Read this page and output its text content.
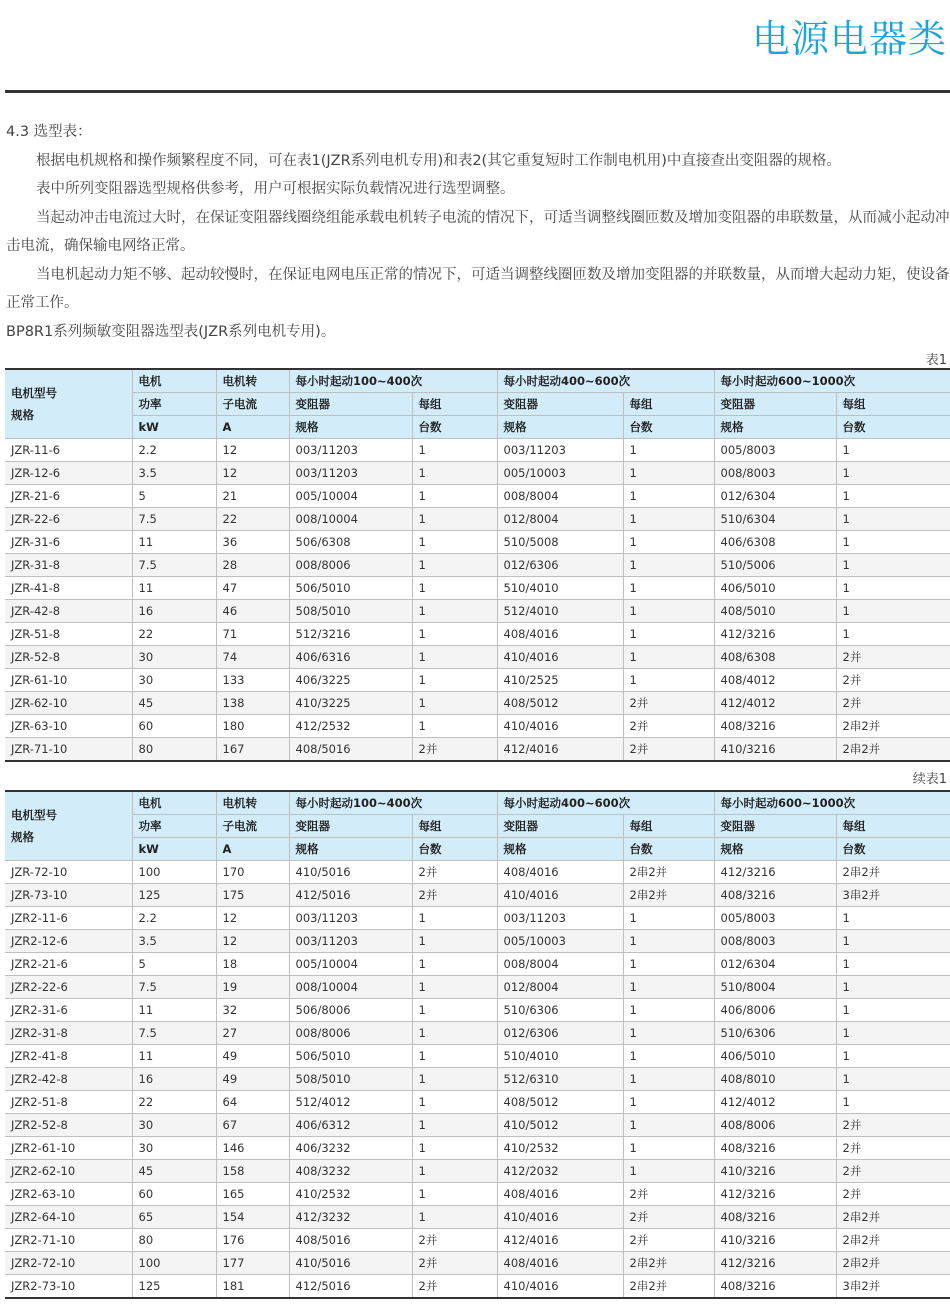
电源电器类

4.3 选型表：

根据电机规格和操作频繁程度不同，可在表1(JZR系列电机专用)和表2(其它重复短时工作制电机用)中直接查出变阻器的规格。

表中所列变阻器选型规格供参考，用户可根据实际负载情况进行选型调整。

当起动冲击电流过大时，在保证变阻器线圈绕组能承载电机转子电流的情况下，可适当调整线圈匝数及增加变阻器的串联数量，从而减小起动冲击电流，确保输电网络正常。

当电机起动力矩不够、起动较慢时，在保证电网电压正常的情况下，可适当调整线圈匝数及增加变阻器的并联数量，从而增大起动力矩，使设备正常工作。

BP8R1系列频敏变阻器选型表(JZR系列电机专用)。

表1
电机型号
规格	电机	电机转	每小时起动100~400次		每小时起动400~600次		每小时起动600~1000次	
	功率	子电流	变阻器	每组	变阻器	每组	变阻器	每组
	kW	A	规格	台数	规格	台数	规格	台数
JZR-11-6	2.2	12	003/11203	1	003/11203	1	005/8003	1
JZR-12-6	3.5	12	003/11203	1	005/10003	1	008/8003	1
JZR-21-6	5	21	005/10004	1	008/8004	1	012/6304	1
JZR-22-6	7.5	22	008/10004	1	012/8004	1	510/6304	1
JZR-31-6	11	36	506/6308	1	510/5008	1	406/6308	1
JZR-31-8	7.5	28	008/8006	1	012/6306	1	510/5006	1
JZR-41-8	11	47	506/5010	1	510/4010	1	406/5010	1
JZR-42-8	16	46	508/5010	1	512/4010	1	408/5010	1
JZR-51-8	22	71	512/3216	1	408/4016	1	412/3216	1
JZR-52-8	30	74	406/6316	1	410/4016	1	408/6308	2并
JZR-61-10	30	133	406/3225	1	410/2525	1	408/4012	2并
JZR-62-10	45	138	410/3225	1	408/5012	2并	412/4012	2并
JZR-63-10	60	180	412/2532	1	410/4016	2并	408/3216	2串2并
JZR-71-10	80	167	408/5016	2并	412/4016	2并	410/3216	2串2并
续表1
电机型号
规格	电机	电机转	每小时起动100~400次		每小时起动400~600次		每小时起动600~1000次	
	功率	子电流	变阻器	每组	变阻器	每组	变阻器	每组
	kW	A	规格	台数	规格	台数	规格	台数
JZR-72-10	100	170	410/5016	2并	408/4016	2串2并	412/3216	2串2并
JZR-73-10	125	175	412/5016	2并	410/4016	2串2并	408/3216	3串2并
JZR2-11-6	2.2	12	003/11203	1	003/11203	1	005/8003	1
JZR2-12-6	3.5	12	003/11203	1	005/10003	1	008/8003	1
JZR2-21-6	5	18	005/10004	1	008/8004	1	012/6304	1
JZR2-22-6	7.5	19	008/10004	1	012/8004	1	510/8004	1
JZR2-31-6	11	32	506/8006	1	510/6306	1	406/8006	1
JZR2-31-8	7.5	27	008/8006	1	012/6306	1	510/6306	1
JZR2-41-8	11	49	506/5010	1	510/4010	1	406/5010	1
JZR2-42-8	16	49	508/5010	1	512/6310	1	408/8010	1
JZR2-51-8	22	64	512/4012	1	408/5012	1	412/4012	1
JZR2-52-8	30	67	406/6312	1	410/5012	1	408/8006	2并
JZR2-61-10	30	146	406/3232	1	410/2532	1	408/3216	2并
JZR2-62-10	45	158	408/3232	1	412/2032	1	410/3216	2并
JZR2-63-10	60	165	410/2532	1	408/4016	2并	412/3216	2并
JZR2-64-10	65	154	412/3232	1	410/4016	2并	408/3216	2串2并
JZR2-71-10	80	176	408/5016	2并	412/4016	2并	410/3216	2串2并
JZR2-72-10	100	177	410/5016	2并	408/4016	2串2并	412/3216	2串2并
JZR2-73-10	125	181	412/5016	2并	410/4016	2串2并	408/3216	3串2并
